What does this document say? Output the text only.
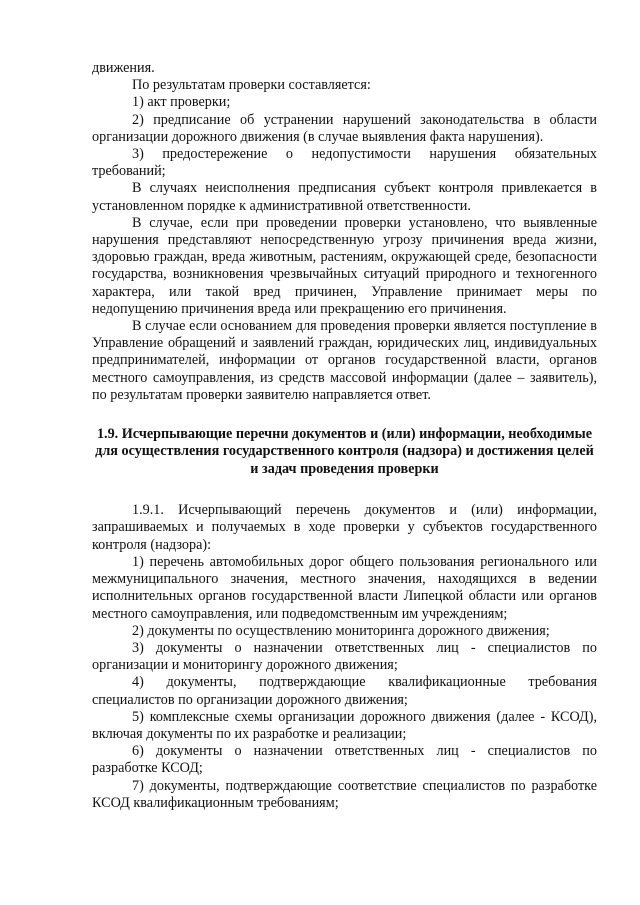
движения.

По результатам проверки составляется:

1) акт проверки;

2) предписание об устранении нарушений законодательства в области организации дорожного движения (в случае выявления факта нарушения).

3) предостережение о недопустимости нарушения обязательных требований;

В случаях неисполнения предписания субъект контроля привлекается в установленном порядке к административной ответственности.

В случае, если при проведении проверки установлено, что выявленные нарушения представляют непосредственную угрозу причинения вреда жизни, здоровью граждан, вреда животным, растениям, окружающей среде, безопасности государства, возникновения чрезвычайных ситуаций природного и техногенного характера, или такой вред причинен, Управление принимает меры по недопущению причинения вреда или прекращению его причинения.

В случае если основанием для проведения проверки является поступление в Управление обращений и заявлений граждан, юридических лиц, индивидуальных предпринимателей, информации от органов государственной власти, органов местного самоуправления, из средств массовой информации (далее – заявитель), по результатам проверки заявителю направляется ответ.

1.9. Исчерпывающие перечни документов и (или) информации, необходимые для осуществления государственного контроля (надзора) и достижения целей и задач проведения проверки

1.9.1. Исчерпывающий перечень документов и (или) информации, запрашиваемых и получаемых в ходе проверки у субъектов государственного контроля (надзора):

1) перечень автомобильных дорог общего пользования регионального или межмуниципального значения, местного значения, находящихся в ведении исполнительных органов государственной власти Липецкой области или органов местного самоуправления, или подведомственным им учреждениям;

2) документы по осуществлению мониторинга дорожного движения;

3) документы о назначении ответственных лиц - специалистов по организации и мониторингу дорожного движения;

4) документы, подтверждающие квалификационные требования специалистов по организации дорожного движения;

5) комплексные схемы организации дорожного движения (далее - КСОД), включая документы по их разработке и реализации;

6) документы о назначении ответственных лиц - специалистов по разработке КСОД;

7) документы, подтверждающие соответствие специалистов по разработке КСОД квалификационным требованиям;
